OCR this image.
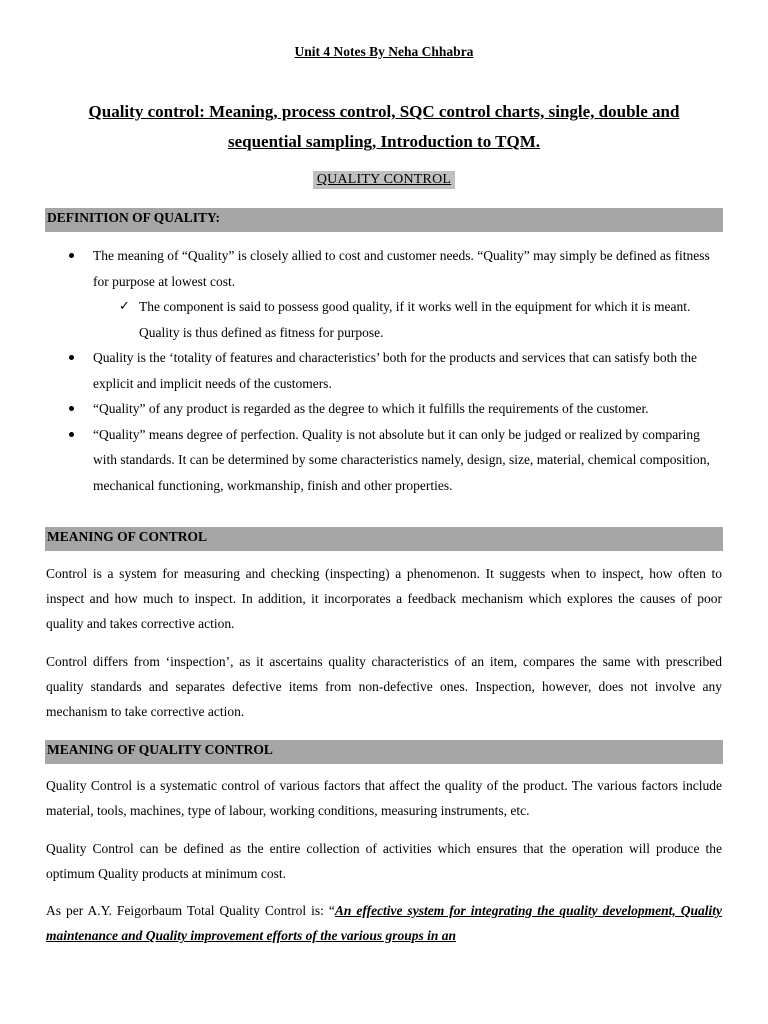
Unit 4 Notes By Neha Chhabra
Quality control: Meaning, process control, SQC control charts, single, double and sequential sampling, Introduction to TQM.
QUALITY CONTROL
DEFINITION OF QUALITY:
The meaning of “Quality” is closely allied to cost and customer needs. “Quality” may simply be defined as fitness for purpose at lowest cost.
✓ The component is said to possess good quality, if it works well in the equipment for which it is meant. Quality is thus defined as fitness for purpose.
Quality is the ‘totality of features and characteristics’ both for the products and services that can satisfy both the explicit and implicit needs of the customers.
“Quality” of any product is regarded as the degree to which it fulfills the requirements of the customer.
“Quality” means degree of perfection. Quality is not absolute but it can only be judged or realized by comparing with standards. It can be determined by some characteristics namely, design, size, material, chemical composition, mechanical functioning, workmanship, finish and other properties.
MEANING OF CONTROL
Control is a system for measuring and checking (inspecting) a phenomenon. It suggests when to inspect, how often to inspect and how much to inspect. In addition, it incorporates a feedback mechanism which explores the causes of poor quality and takes corrective action.
Control differs from ‘inspection’, as it ascertains quality characteristics of an item, compares the same with prescribed quality standards and separates defective items from non-defective ones. Inspection, however, does not involve any mechanism to take corrective action.
MEANING OF QUALITY CONTROL
Quality Control is a systematic control of various factors that affect the quality of the product. The various factors include material, tools, machines, type of labour, working conditions, measuring instruments, etc.
Quality Control can be defined as the entire collection of activities which ensures that the operation will produce the optimum Quality products at minimum cost.
As per A.Y. Feigorbaum Total Quality Control is: “An effective system for integrating the quality development, Quality maintenance and Quality improvement efforts of the various groups in an
